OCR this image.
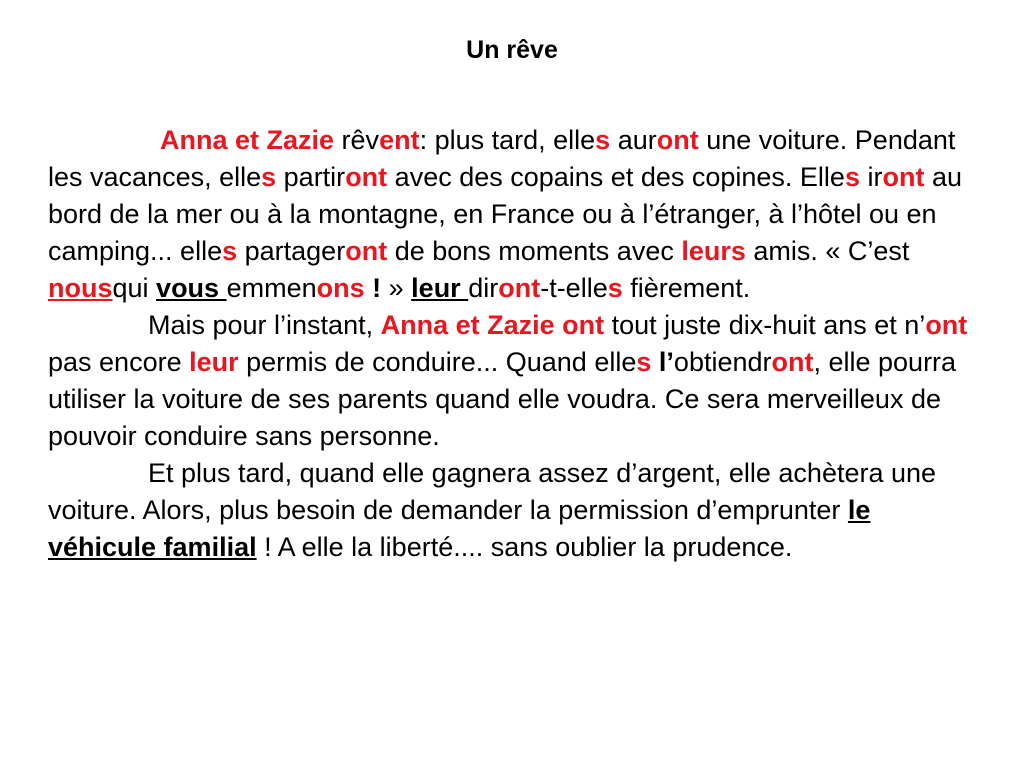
Un rêve

Anna et Zazie rêvent: plus tard, elles auront une voiture. Pendant les vacances, elles partiront avec des copains et des copines. Elles iront au bord de la mer ou à la montagne, en France ou à l’étranger, à l’hôtel ou en camping... elles partageront de bons moments avec leurs amis. « C’est nousqui vous emmenons ! » leur diront-t-elles fièrement.

Mais pour l’instant, Anna et Zazie ont tout juste dix-huit ans et n’ont pas encore leur permis de conduire... Quand elles l’obtiendront, elle pourra utiliser la voiture de ses parents quand elle voudra. Ce sera merveilleux de pouvoir conduire sans personne.

Et plus tard, quand elle gagnera assez d’argent, elle achètera une voiture. Alors, plus besoin de demander la permission d’emprunter le véhicule familial ! A elle la liberté.... sans oublier la prudence.
